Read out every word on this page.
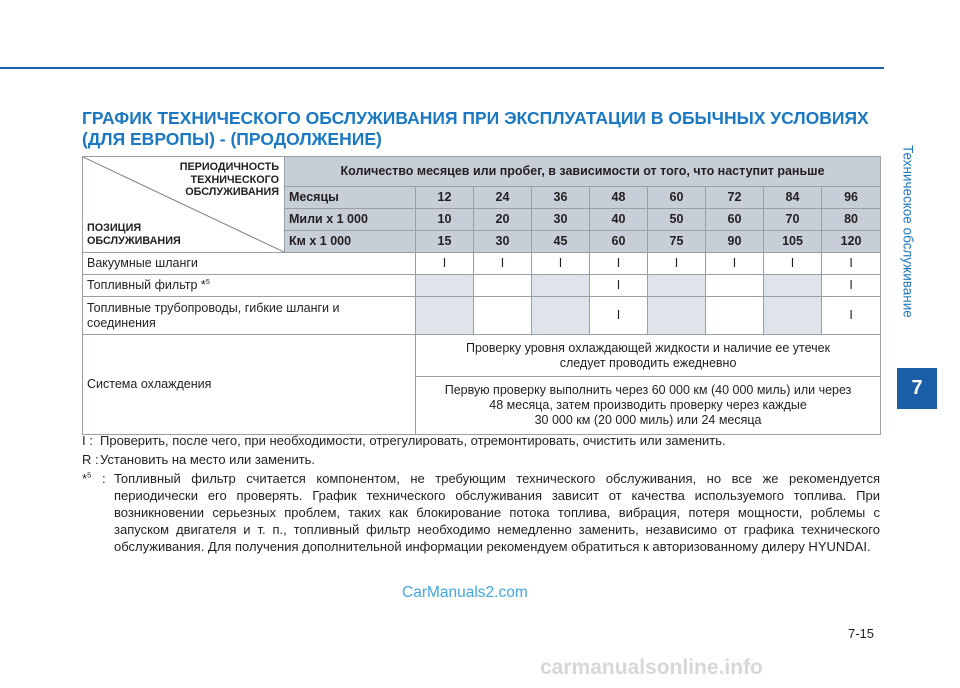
ГРАФИК ТЕХНИЧЕСКОГО ОБСЛУЖИВАНИЯ ПРИ ЭКСПЛУАТАЦИИ В ОБЫЧНЫХ УСЛОВИЯХ
(ДЛЯ ЕВРОПЫ) - (ПРОДОЛЖЕНИЕ)
Техническое обслуживание
7
ПЕРИОДИЧНОСТЬ
ТЕХНИЧЕСКОГО
ОБСЛУЖИВАНИЯ
ПОЗИЦИЯ
ОБСЛУЖИВАНИЯ	Количество месяцев или пробег, в зависимости от того, что наступит раньше								
	Месяцы	12	24	36	48	60	72	84	96
	Мили x 1 000	10	20	30	40	50	60	70	80
	Км x 1 000	15	30	45	60	75	90	105	120
Вакуумные шланги		I	I	I	I	I	I	I	I
Топливный фильтр *$^5$					I				I

Топливные трубопроводы, гибкие шланги и
соединения					I				I
Система охлаждения		Проверку уровня охлаждающей жидкости и наличие ее утечек
следует проводить ежедневно							

		Первую проверку выполнить через 60 000 км (40 000 миль) или через
48 месяца, затем производить проверку через каждые
30 000 км (20 000 миль) или 24 месяца							
I : Проверить, после чего, при необходимости, отрегулировать, отремонтировать, очистить или заменить.
R : Установить на место или заменить.
*$^5$ : Топливный фильтр считается компонентом, не требующим технического обслуживания, но все же рекомендуется периодически его проверять. График технического обслуживания зависит от качества используемого топлива. При возникновении серьезных проблем, таких как блокирование потока топлива, вибрация, потеря мощности, роблемы с запуском двигателя и т. п., топливный фильтр необходимо немедленно заменить, независимо от графика технического обслуживания. Для получения дополнительной информации рекомендуем обратиться к авторизованному дилеру HYUNDAI.
CarManuals2.com
7-15
carmanualsonline.info
